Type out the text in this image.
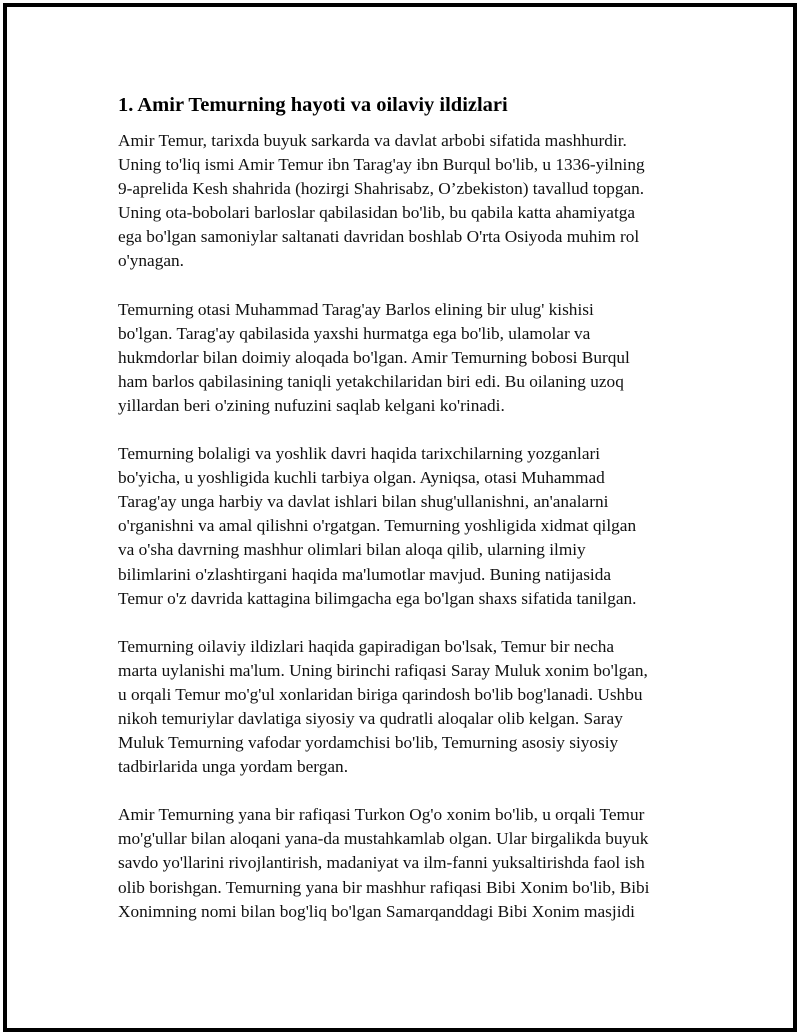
1. Amir Temurning hayoti va oilaviy ildizlari

Amir Temur, tarixda buyuk sarkarda va davlat arbobi sifatida mashhurdir.
Uning to'liq ismi Amir Temur ibn Tarag'ay ibn Burqul bo'lib, u 1336-yilning
9-aprelida Kesh shahrida (hozirgi Shahrisabz, O’zbekiston) tavallud topgan.
Uning ota-bobolari barloslar qabilasidan bo'lib, bu qabila katta ahamiyatga
ega bo'lgan samoniylar saltanati davridan boshlab O'rta Osiyoda muhim rol
o'ynagan.

Temurning otasi Muhammad Tarag'ay Barlos elining bir ulug' kishisi
bo'lgan. Tarag'ay qabilasida yaxshi hurmatga ega bo'lib, ulamolar va
hukmdorlar bilan doimiy aloqada bo'lgan. Amir Temurning bobosi Burqul
ham barlos qabilasining taniqli yetakchilaridan biri edi. Bu oilaning uzoq
yillardan beri o'zining nufuzini saqlab kelgani ko'rinadi.

Temurning bolaligi va yoshlik davri haqida tarixchilarning yozganlari
bo'yicha, u yoshligida kuchli tarbiya olgan. Ayniqsa, otasi Muhammad
Tarag'ay unga harbiy va davlat ishlari bilan shug'ullanishni, an'analarni
o'rganishni va amal qilishni o'rgatgan. Temurning yoshligida xidmat qilgan
va o'sha davrning mashhur olimlari bilan aloqa qilib, ularning ilmiy
bilimlarini o'zlashtirgani haqida ma'lumotlar mavjud. Buning natijasida
Temur o'z davrida kattagina bilimgacha ega bo'lgan shaxs sifatida tanilgan.

Temurning oilaviy ildizlari haqida gapiradigan bo'lsak, Temur bir necha
marta uylanishi ma'lum. Uning birinchi rafiqasi Saray Muluk xonim bo'lgan,
u orqali Temur mo'g'ul xonlaridan biriga qarindosh bo'lib bog'lanadi. Ushbu
nikoh temuriylar davlatiga siyosiy va qudratli aloqalar olib kelgan. Saray
Muluk Temurning vafodar yordamchisi bo'lib, Temurning asosiy siyosiy
tadbirlarida unga yordam bergan.

Amir Temurning yana bir rafiqasi Turkon Og'o xonim bo'lib, u orqali Temur
mo'g'ullar bilan aloqani yana-da mustahkamlab olgan. Ular birgalikda buyuk
savdo yo'llarini rivojlantirish, madaniyat va ilm-fanni yuksaltirishda faol ish
olib borishgan. Temurning yana bir mashhur rafiqasi Bibi Xonim bo'lib, Bibi
Xonimning nomi bilan bog'liq bo'lgan Samarqanddagi Bibi Xonim masjidi
